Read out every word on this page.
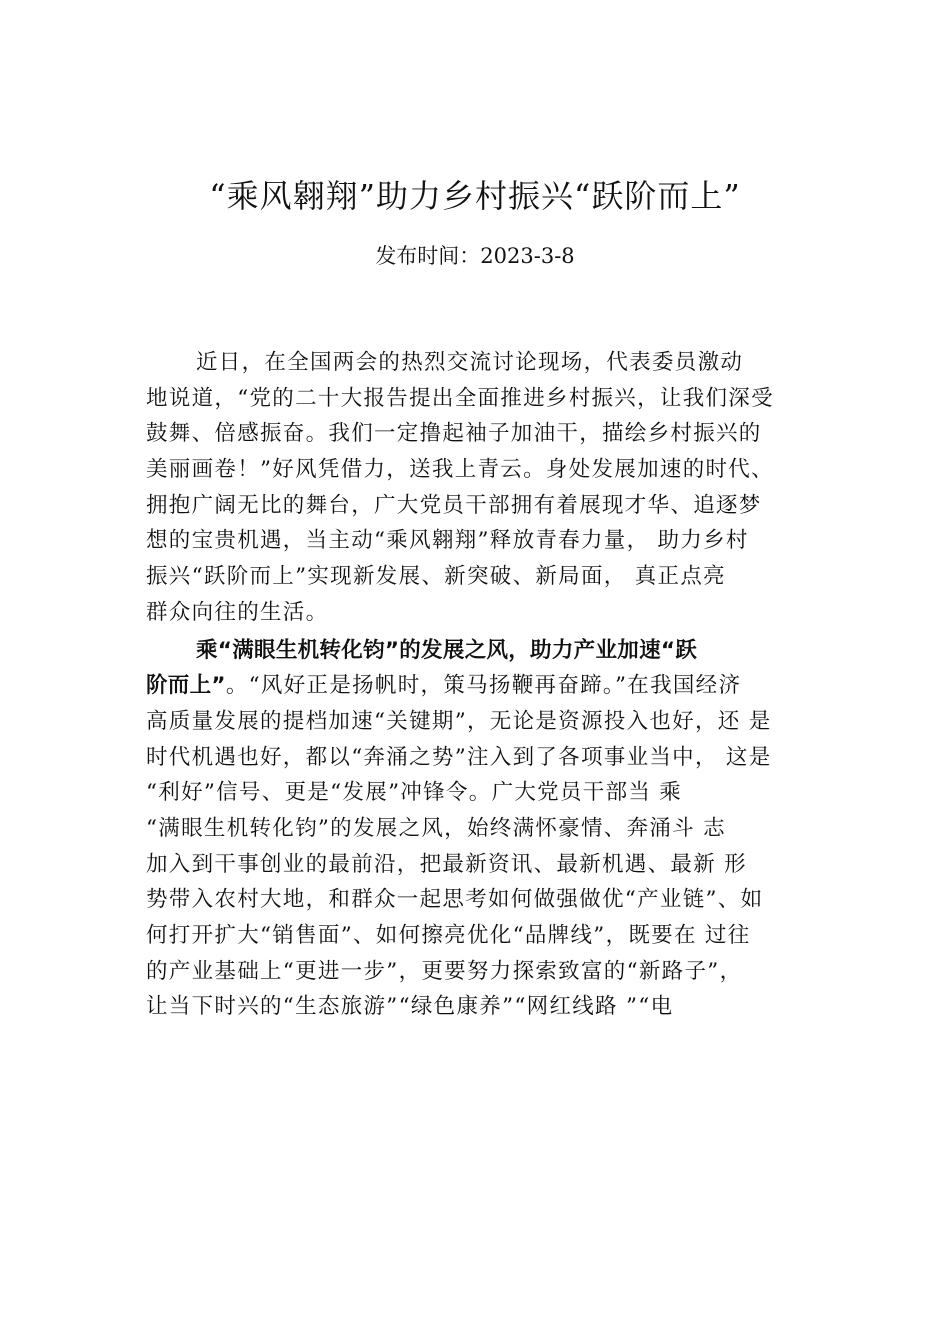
“乘风翱翔”助力乡村振兴“跃阶而上”
发布时间：2023-3-8
近日，在全国两会的热烈交流讨论现场，代表委员激动
地说道，“党的二十大报告提出全面推进乡村振兴，让我们深受
鼓舞、倍感振奋。我们一定撸起袖子加油干，描绘乡村振兴的
美丽画卷！”好风凭借力，送我上青云。身处发展加速的时代、
拥抱广阔无比的舞台，广大党员干部拥有着展现才华、追逐梦
想的宝贵机遇，当主动“乘风翱翔”释放青春力量， 助力乡村
振兴“跃阶而上”实现新发展、新突破、新局面， 真正点亮
群众向往的生活。
乘“满眼生机转化钧”的发展之风，助力产业加速“跃
阶而上”。“风好正是扬帆时，策马扬鞭再奋蹄。”在我国经济
高质量发展的提档加速“关键期”，无论是资源投入也好，还 是
时代机遇也好，都以“奔涌之势”注入到了各项事业当中， 这是
“利好”信号、更是“发展”冲锋令。广大党员干部当 乘
“满眼生机转化钧”的发展之风，始终满怀豪情、奔涌斗 志
加入到干事创业的最前沿，把最新资讯、最新机遇、最新 形
势带入农村大地，和群众一起思考如何做强做优“产业链”、如
何打开扩大“销售面”、如何擦亮优化“品牌线”，既要在 过往
的产业基础上“更进一步”，更要努力探索致富的“新路子”，
让当下时兴的“生态旅游”“绿色康养”“网红线路 ”“电
